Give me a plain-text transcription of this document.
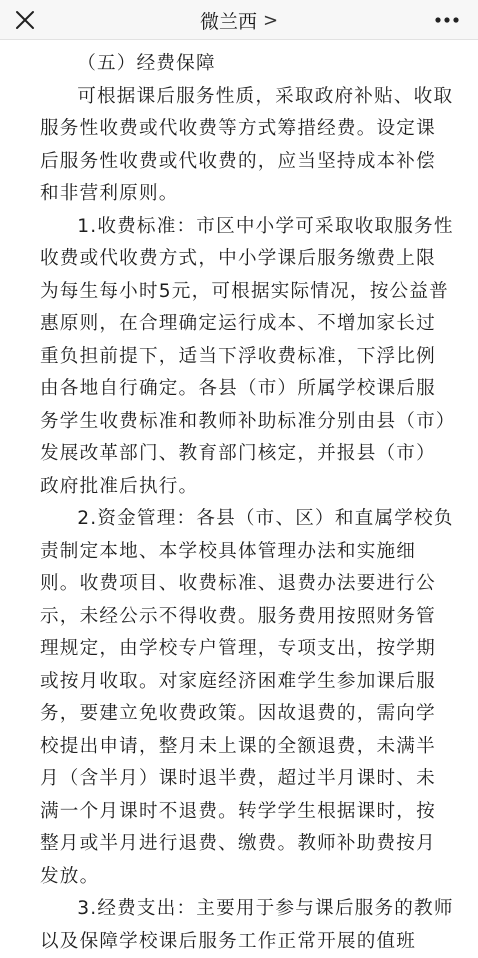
微兰西 >

（五）经费保障

可根据课后服务性质，采取政府补贴、收取服务性收费或代收费等方式筹措经费。设定课后服务性收费或代收费的，应当坚持成本补偿和非营利原则。

1.收费标准：市区中小学可采取收取服务性收费或代收费方式，中小学课后服务缴费上限为每生每小时5元，可根据实际情况，按公益普惠原则，在合理确定运行成本、不增加家长过重负担前提下，适当下浮收费标准，下浮比例由各地自行确定。各县（市）所属学校课后服务学生收费标准和教师补助标准分别由县（市）发展改革部门、教育部门核定，并报县（市）政府批准后执行。

2.资金管理：各县（市、区）和直属学校负责制定本地、本学校具体管理办法和实施细则。收费项目、收费标准、退费办法要进行公示，未经公示不得收费。服务费用按照财务管理规定，由学校专户管理，专项支出，按学期或按月收取。对家庭经济困难学生参加课后服务，要建立免收费政策。因故退费的，需向学校提出申请，整月未上课的全额退费，未满半月（含半月）课时退半费，超过半月课时、未满一个月课时不退费。转学学生根据课时，按整月或半月进行退费、缴费。教师补助费按月发放。

3.经费支出：主要用于参与课后服务的教师以及保障学校课后服务工作正常开展的值班
